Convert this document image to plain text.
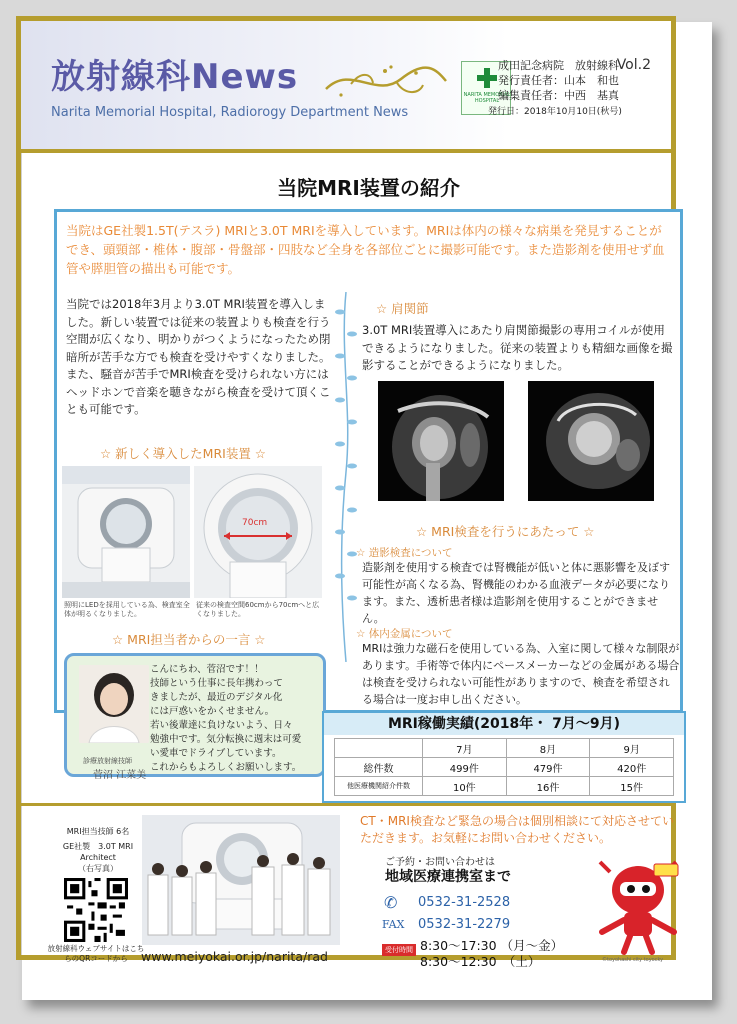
放射線科News
Narita Memorial Hospital, Radiorogy Department News
NARITA MEMORIAL HOSPITAL
Vol.2
成田記念病院　放射線科
発行責任者：山本　和也
編集責任者：中西　基真
発行日：2018年10月10日(秋号)
当院MRI装置の紹介
当院はGE社製1.5T(テスラ) MRIと3.0T MRIを導入しています。MRIは体内の様々な病巣を発見することができ、頭頸部・椎体・腹部・骨盤部・四肢など全身を各部位ごとに撮影可能です。また造影剤を使用せず血管や膵胆管の描出も可能です。
当院では2018年3月より3.0T MRI装置を導入しました。新しい装置では従来の装置よりも検査を行う空間が広くなり、明かりがつくようになったため閉暗所が苦手な方でも検査を受けやすくなりました。
また、騒音が苦手でMRI検査を受けられない方にはヘッドホンで音楽を聴きながら検査を受けて頂くことも可能です。
☆ 新しく導入したMRI装置 ☆
照明にLEDを採用している為、検査室全体が明るくなりました。
70cm
従来の検査空間60cmから70cmへと広くなりました。
☆ 肩関節
3.0T MRI装置導入にあたり肩関節撮影の専用コイルが使用できるようになりました。従来の装置よりも精細な画像を撮影することができるようになりました。
☆ MRI検査を行うにあたって ☆
☆ 造影検査について
造影剤を使用する検査では腎機能が低いと体に悪影響を及ぼす可能性が高くなる為、腎機能のわかる血液データが必要になります。また、透析患者様は造影剤を使用することができません。
☆ 体内金属について
MRIは強力な磁石を使用している為、入室に関して様々な制限があります。手術等で体内にペースメーカーなどの金属がある場合は検査を受けられない可能性がありますので、検査を希望される場合は一度お申し出ください。
☆ MRI担当者からの一言 ☆
こんにちわ、菅沼です！！
技師という仕事に長年携わって
きましたが、最近のデジタル化
には戸惑いをかくせません。
若い後輩達に負けないよう、日々
勉強中です。気分転換に週末は可愛
い愛車でドライブしています。
これからもよろしくお願いします。
診療放射線技師
菅沼 江菜美
MRI稼働実績(2018年・ 7月〜9月)
	7月	8月	9月
総件数	499件	479件	420件
他医療機関紹介件数	10件	16件	15件
MRI担当技師 6名
GE社製　3.0T MRI Architect
（右写真）
放射線科ウェブサイトはこちらのQRコードから	www.meiyokai.or.jp/narita/rad
CT・MRI検査など緊急の場合は個別相談にて対応させていただきます。お気軽にお問い合わせください。
ご予約・お問い合わせは
地域医療連携室まで
✆ 0532-31-2528
FAX 0532-31-2279
受付時間 8:30〜17:30 （月〜金）
8:30〜12:30　（土）	©toyohashi city toyocky
